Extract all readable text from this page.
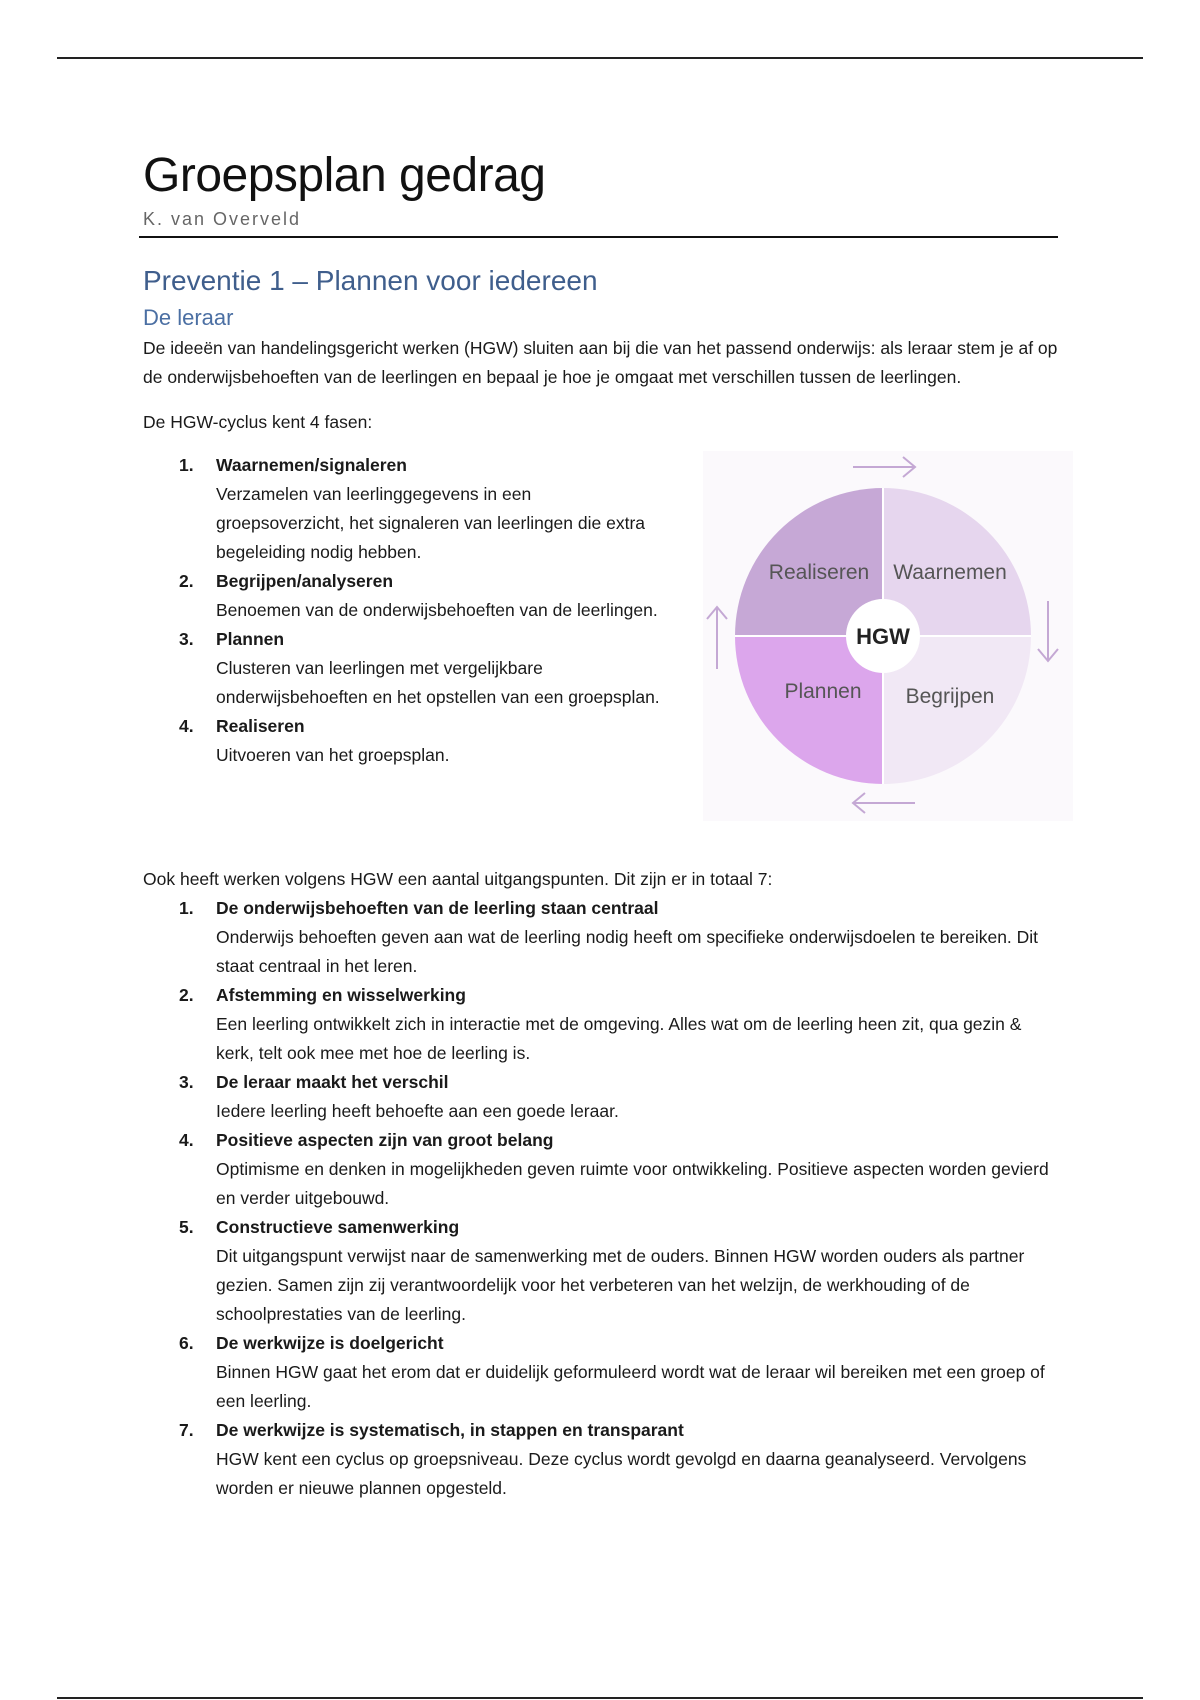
Groepsplan gedrag
K. van Overveld
Preventie 1 – Plannen voor iedereen
De leraar

De ideeën van handelingsgericht werken (HGW) sluiten aan bij die van het passend onderwijs: als leraar stem je af op de onderwijsbehoeften van de leerlingen en bepaal je hoe je omgaat met verschillen tussen de leerlingen.

De HGW-cyclus kent 4 fasen:

1. Waarnemen/signaleren
Verzamelen van leerlinggegevens in een groepsoverzicht, het signaleren van leerlingen die extra begeleiding nodig hebben.
2. Begrijpen/analyseren
Benoemen van de onderwijsbehoeften van de leerlingen.
3. Plannen
Clusteren van leerlingen met vergelijkbare onderwijsbehoeften en het opstellen van een groepsplan.
4. Realiseren
Uitvoeren van het groepsplan.
HGW
Realiseren Waarnemen
Begrijpen
Plannen

Ook heeft werken volgens HGW een aantal uitgangspunten. Dit zijn er in totaal 7:

1. De onderwijsbehoeften van de leerling staan centraal
Onderwijs behoeften geven aan wat de leerling nodig heeft om specifieke onderwijsdoelen te bereiken. Dit staat centraal in het leren.
2. Afstemming en wisselwerking
Een leerling ontwikkelt zich in interactie met de omgeving. Alles wat om de leerling heen zit, qua gezin & kerk, telt ook mee met hoe de leerling is.
3. De leraar maakt het verschil
Iedere leerling heeft behoefte aan een goede leraar.
4. Positieve aspecten zijn van groot belang
Optimisme en denken in mogelijkheden geven ruimte voor ontwikkeling. Positieve aspecten worden gevierd en verder uitgebouwd.
5. Constructieve samenwerking
Dit uitgangspunt verwijst naar de samenwerking met de ouders. Binnen HGW worden ouders als partner gezien. Samen zijn zij verantwoordelijk voor het verbeteren van het welzijn, de werkhouding of de schoolprestaties van de leerling.
6. De werkwijze is doelgericht
Binnen HGW gaat het erom dat er duidelijk geformuleerd wordt wat de leraar wil bereiken met een groep of een leerling.
7. De werkwijze is systematisch, in stappen en transparant
HGW kent een cyclus op groepsniveau. Deze cyclus wordt gevolgd en daarna geanalyseerd. Vervolgens worden er nieuwe plannen opgesteld.
